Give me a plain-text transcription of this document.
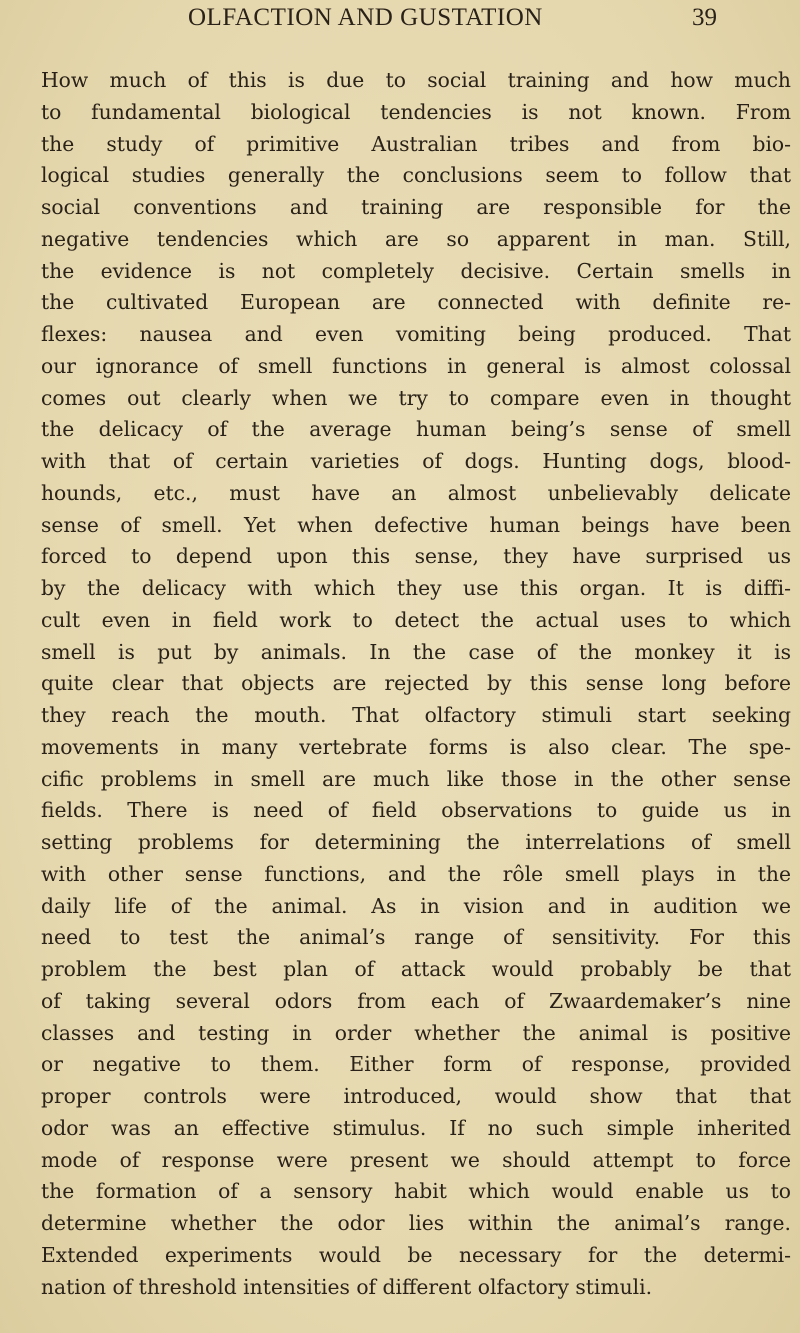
OLFACTION AND GUSTATION	39
How much of this is due to social training and how much
to fundamental biological tendencies is not known. From
the study of primitive Australian tribes and from bio-
logical studies generally the conclusions seem to follow that
social conventions and training are responsible for the
negative tendencies which are so apparent in man. Still,
the evidence is not completely decisive. Certain smells in
the cultivated European are connected with definite re-
flexes: nausea and even vomiting being produced. That
our ignorance of smell functions in general is almost colossal
comes out clearly when we try to compare even in thought
the delicacy of the average human being’s sense of smell
with that of certain varieties of dogs. Hunting dogs, blood-
hounds, etc., must have an almost unbelievably delicate
sense of smell. Yet when defective human beings have been
forced to depend upon this sense, they have surprised us
by the delicacy with which they use this organ. It is diffi-
cult even in field work to detect the actual uses to which
smell is put by animals. In the case of the monkey it is
quite clear that objects are rejected by this sense long before
they reach the mouth. That olfactory stimuli start seeking
movements in many vertebrate forms is also clear. The spe-
cific problems in smell are much like those in the other sense
fields. There is need of field observations to guide us in
setting problems for determining the interrelations of smell
with other sense functions, and the rôle smell plays in the
daily life of the animal. As in vision and in audition we
need to test the animal’s range of sensitivity. For this
problem the best plan of attack would probably be that
of taking several odors from each of Zwaardemaker’s nine
classes and testing in order whether the animal is positive
or negative to them. Either form of response, provided
proper controls were introduced, would show that that
odor was an effective stimulus. If no such simple inherited
mode of response were present we should attempt to force
the formation of a sensory habit which would enable us to
determine whether the odor lies within the animal’s range.
Extended experiments would be necessary for the determi-
nation of threshold intensities of different olfactory stimuli.
